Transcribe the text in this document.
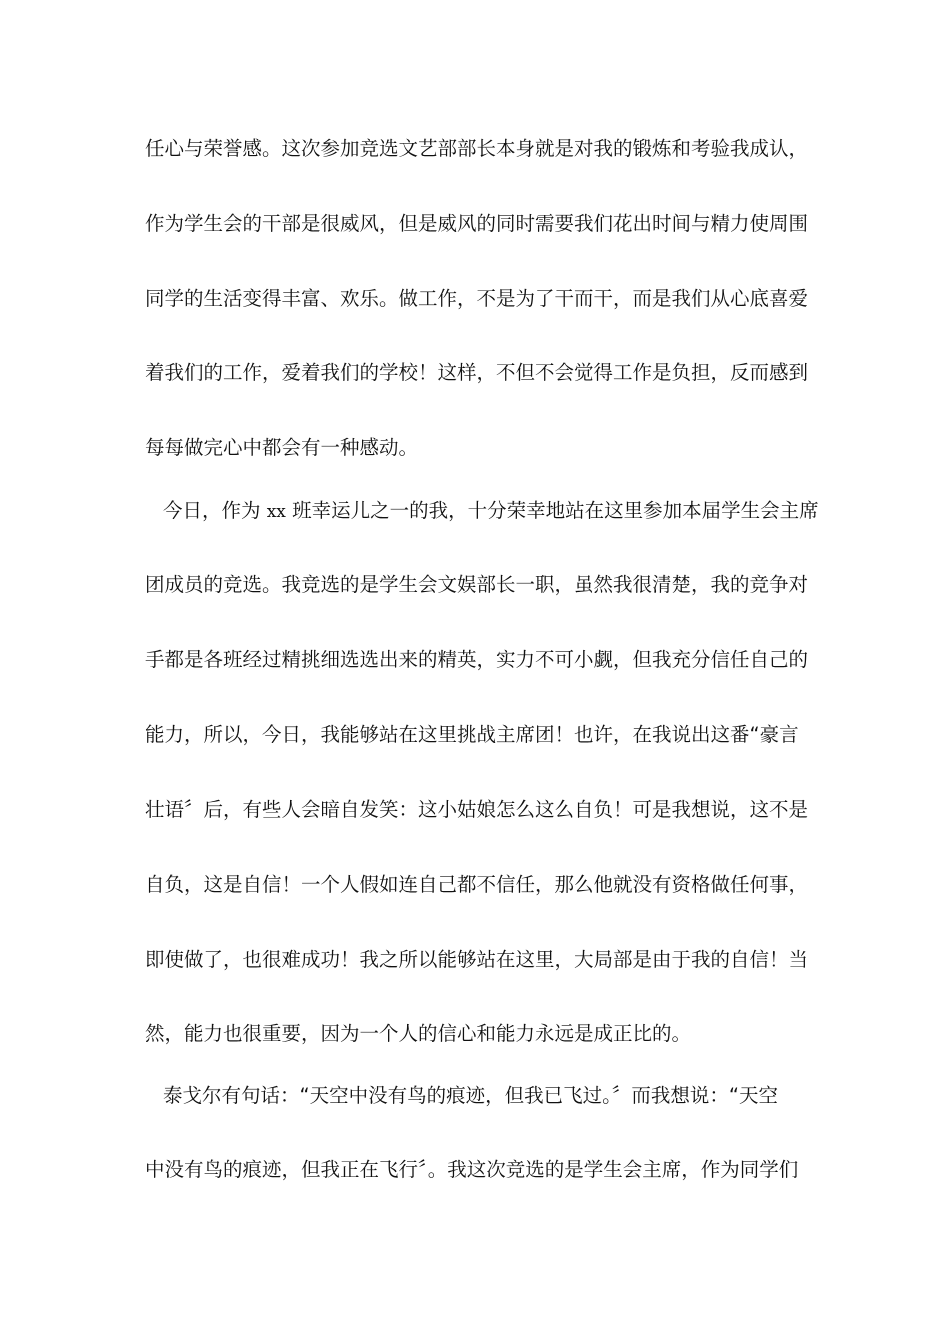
任心与荣誉感。这次参加竞选文艺部部长本身就是对我的锻炼和考验我成认，
作为学生会的干部是很威风，但是威风的同时需要我们花出时间与精力使周围
同学的生活变得丰富、欢乐。做工作，不是为了干而干，而是我们从心底喜爱
着我们的工作，爱着我们的学校！这样，不但不会觉得工作是负担，反而感到
每每做完心中都会有一种感动。
今日，作为 xx 班幸运儿之一的我，十分荣幸地站在这里参加本届学生会主席
团成员的竞选。我竞选的是学生会文娱部长一职，虽然我很清楚，我的竞争对
手都是各班经过精挑细选选出来的精英，实力不可小觑，但我充分信任自己的
能力，所以，今日，我能够站在这里挑战主席团！也许，在我说出这番“豪言
壮语〞后，有些人会暗自发笑：这小姑娘怎么这么自负！可是我想说，这不是
自负，这是自信！一个人假如连自己都不信任，那么他就没有资格做任何事，
即使做了，也很难成功！我之所以能够站在这里，大局部是由于我的自信！当
然，能力也很重要，因为一个人的信心和能力永远是成正比的。
泰戈尔有句话：“天空中没有鸟的痕迹，但我已飞过。〞而我想说：“天空
中没有鸟的痕迹，但我正在飞行〞。我这次竞选的是学生会主席，作为同学们
